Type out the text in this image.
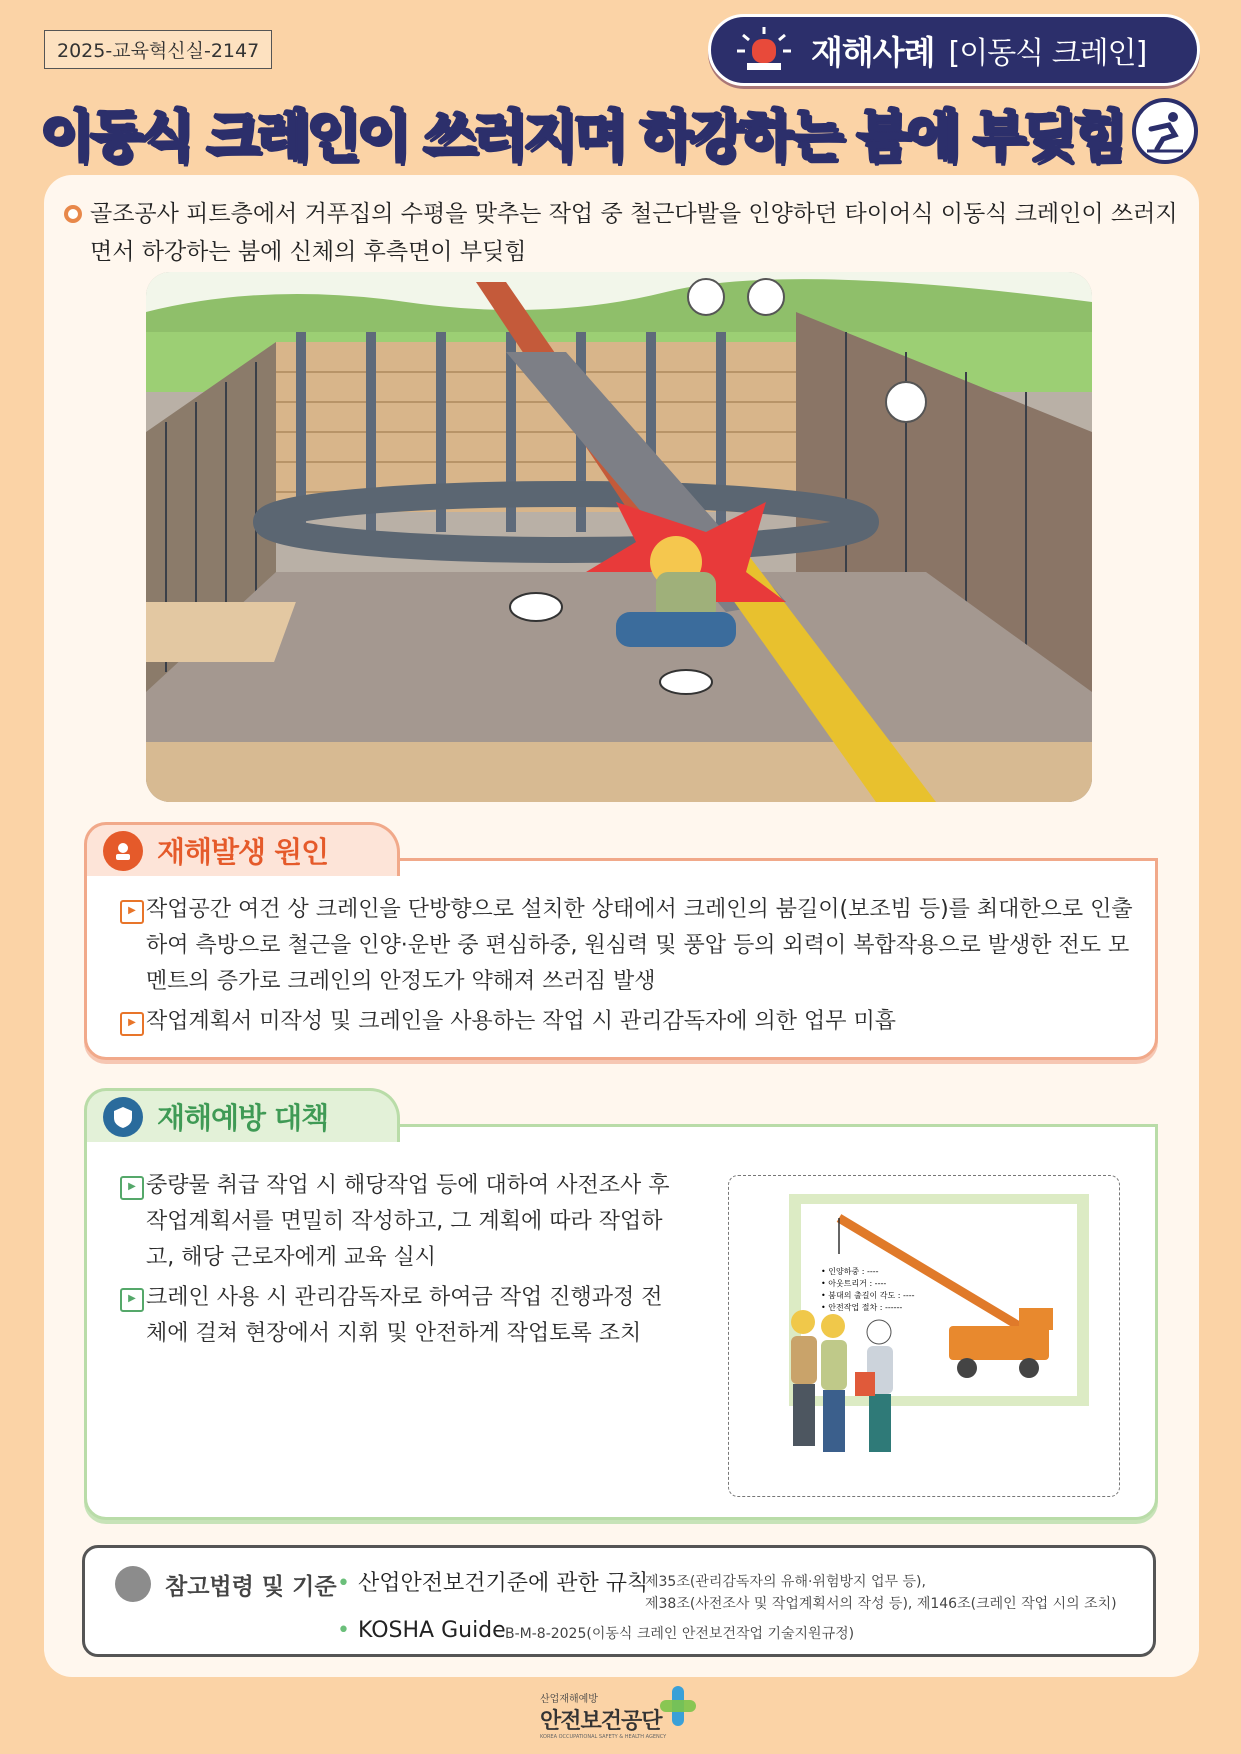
2025-교육혁신실-2147	재해사례 [이동식 크레인]
이동식 크레인이 쓰러지며 하강하는 붐에 부딪힘
골조공사 피트층에서 거푸집의 수평을 맞추는 작업 중 철근다발을 인양하던 타이어식 이동식 크레인이 쓰러지면서 하강하는 붐에 신체의 후측면이 부딪힘
재해발생 원인
▶ 작업공간 여건 상 크레인을 단방향으로 설치한 상태에서 크레인의 붐길이(보조빔 등)를 최대한으로 인출하여 측방으로 철근을 인양·운반 중 편심하중, 원심력 및 풍압 등의 외력이 복합작용으로 발생한 전도 모멘트의 증가로 크레인의 안정도가 약해져 쓰러짐 발생
▶ 작업계획서 미작성 및 크레인을 사용하는 작업 시 관리감독자에 의한 업무 미흡
재해예방 대책
▶ 중량물 취급 작업 시 해당작업 등에 대하여 사전조사 후 작업계획서를 면밀히 작성하고, 그 계획에 따라 작업하고, 해당 근로자에게 교육 실시
▶ 크레인 사용 시 관리감독자로 하여금 작업 진행과정 전체에 걸쳐 현장에서 지휘 및 안전하게 작업토록 조치
• 인양하중 : ----
• 아웃트리거 : ----
• 붐대의 출길이 각도 : ----
• 안전작업 절차 : ------
참고법령 및 기준
• 산업안전보건기준에 관한 규칙
제35조(관리감독자의 유해·위험방지 업무 등),
제38조(사전조사 및 작업계획서의 작성 등), 제146조(크레인 작업 시의 조치)
• KOSHA Guide B-M-8-2025(이동식 크레인 안전보건작업 기술지원규정)
산업재해예방
안전보건공단
KOREA OCCUPATIONAL SAFETY & HEALTH AGENCY
